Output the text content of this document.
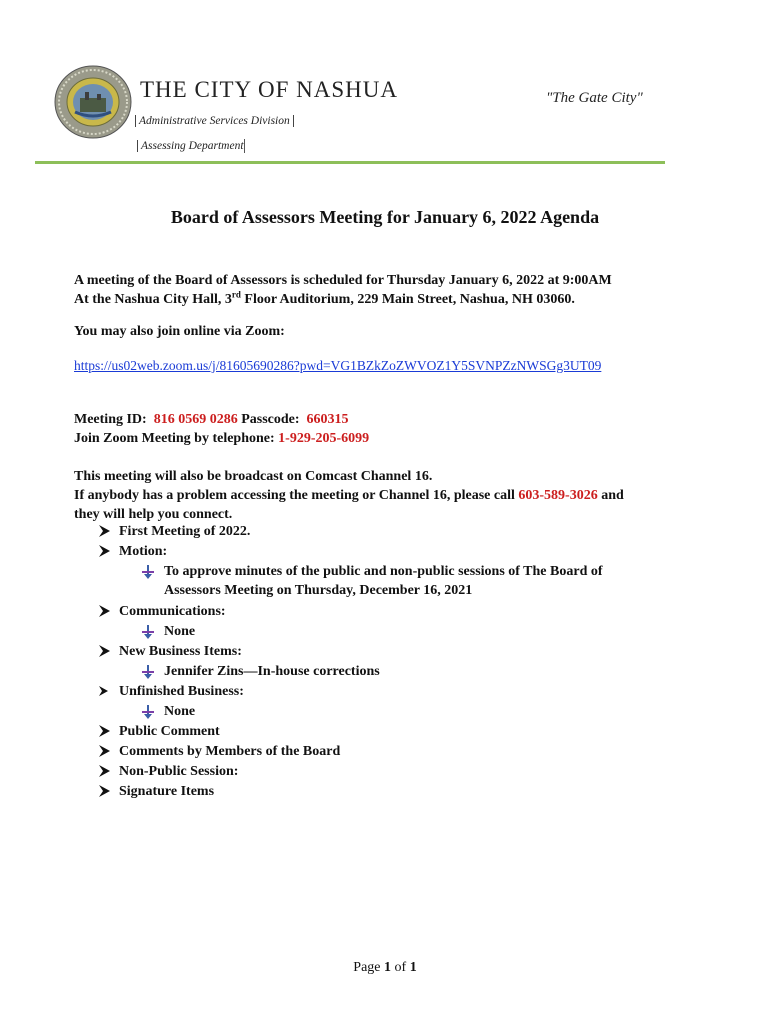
THE CITY OF NASHUA
Administrative Services Division
Assessing Department
"The Gate City"
Board of Assessors Meeting for January 6, 2022 Agenda
A meeting of the Board of Assessors is scheduled for Thursday January 6, 2022 at 9:00AM
At the Nashua City Hall, 3rd Floor Auditorium, 229 Main Street, Nashua, NH 03060.
You may also join online via Zoom:
https://us02web.zoom.us/j/81605690286?pwd=VG1BZkZoZWVOZ1Y5SVNPZzNWSGg3UT09
Meeting ID: 816 0569 0286 Passcode: 660315
Join Zoom Meeting by telephone: 1-929-205-6099
This meeting will also be broadcast on Comcast Channel 16.
If anybody has a problem accessing the meeting or Channel 16, please call 603-589-3026 and
they will help you connect.
First Meeting of 2022.
Motion:
To approve minutes of the public and non-public sessions of The Board of
Assessors Meeting on Thursday, December 16, 2021
Communications:
None
New Business Items:
Jennifer Zins—In-house corrections
Unfinished Business:
None
Public Comment
Comments by Members of the Board
Non-Public Session:
Signature Items
Page 1 of 1
